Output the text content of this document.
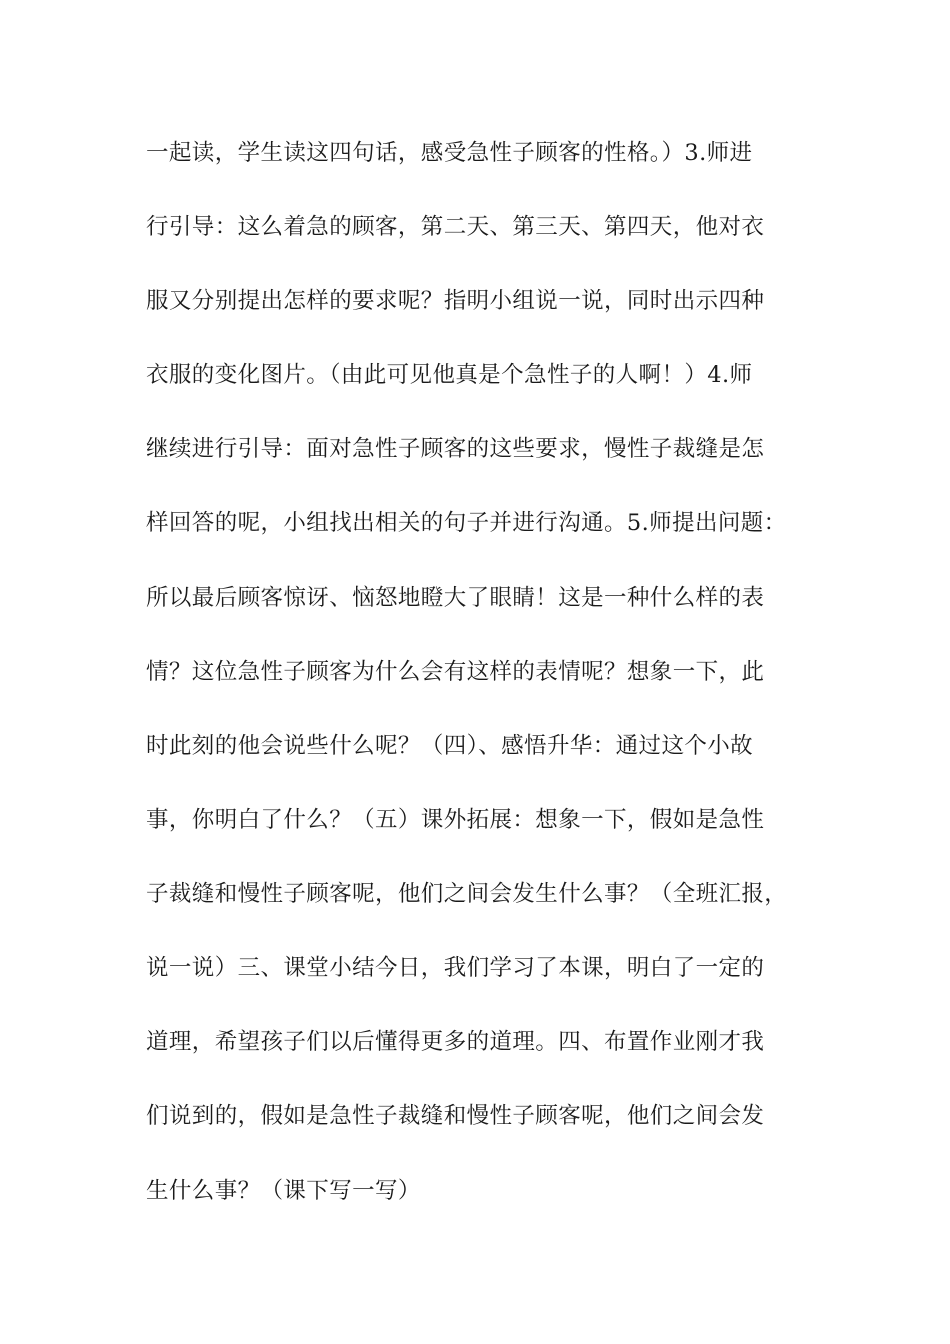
一起读，学生读这四句话，感受急性子顾客的性格。）3.师进
行引导：这么着急的顾客，第二天、第三天、第四天，他对衣
服又分别提出怎样的要求呢？指明小组说一说，同时出示四种
衣服的变化图片。（由此可见他真是个急性子的人啊！）4.师
继续进行引导：面对急性子顾客的这些要求，慢性子裁缝是怎
样回答的呢，小组找出相关的句子并进行沟通。5.师提出问题：
所以最后顾客惊讶、恼怒地瞪大了眼睛！这是一种什么样的表
情？这位急性子顾客为什么会有这样的表情呢？想象一下，此
时此刻的他会说些什么呢？（四）、感悟升华：通过这个小故
事，你明白了什么？（五）课外拓展：想象一下，假如是急性
子裁缝和慢性子顾客呢，他们之间会发生什么事？（全班汇报，
说一说）三、课堂小结今日，我们学习了本课，明白了一定的
道理，希望孩子们以后懂得更多的道理。四、布置作业刚才我
们说到的，假如是急性子裁缝和慢性子顾客呢，他们之间会发
生什么事？（课下写一写）
